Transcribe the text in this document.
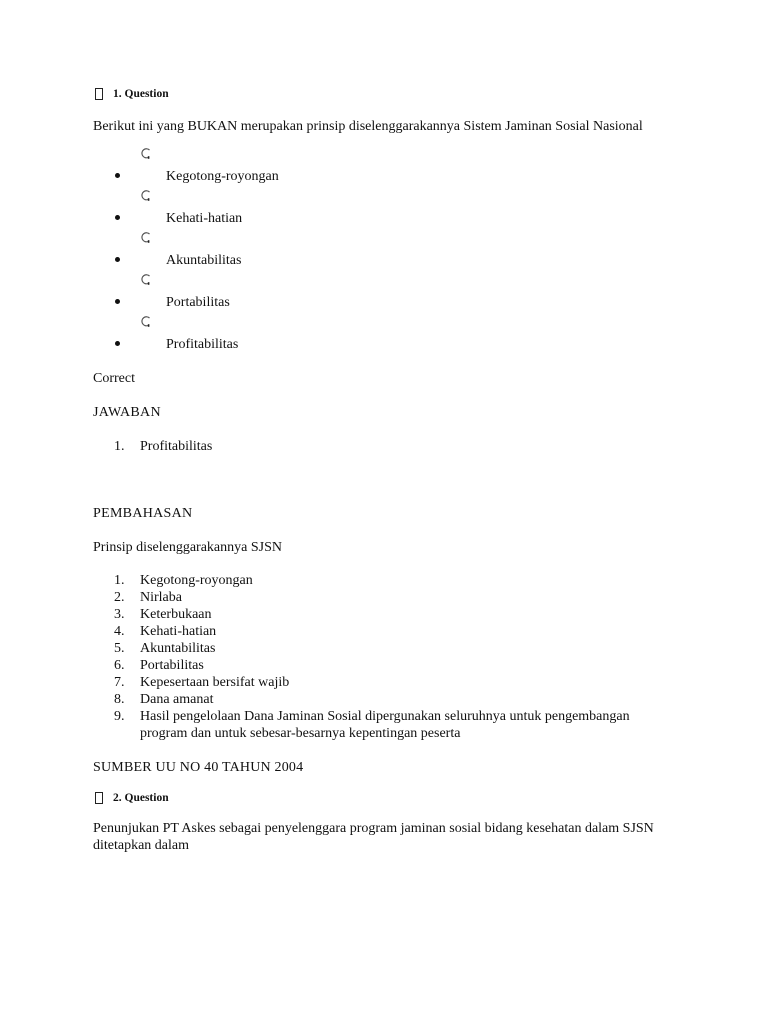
1. Question
Berikut ini yang BUKAN merupakan prinsip diselenggarakannya Sistem Jaminan Sosial Nasional
Kegotong-royongan
Kehati-hatian
Akuntabilitas
Portabilitas
Profitabilitas
Correct
JAWABAN
1. Profitabilitas
PEMBAHASAN
Prinsip diselenggarakannya SJSN
1. Kegotong-royongan
2. Nirlaba
3. Keterbukaan
4. Kehati-hatian
5. Akuntabilitas
6. Portabilitas
7. Kepesertaan bersifat wajib
8. Dana amanat
9. Hasil pengelolaan Dana Jaminan Sosial dipergunakan seluruhnya untuk pengembangan program dan untuk sebesar-besarnya kepentingan peserta
SUMBER UU NO 40 TAHUN 2004
2. Question
Penunjukan PT Askes sebagai penyelenggara program jaminan sosial bidang kesehatan dalam SJSN ditetapkan dalam
